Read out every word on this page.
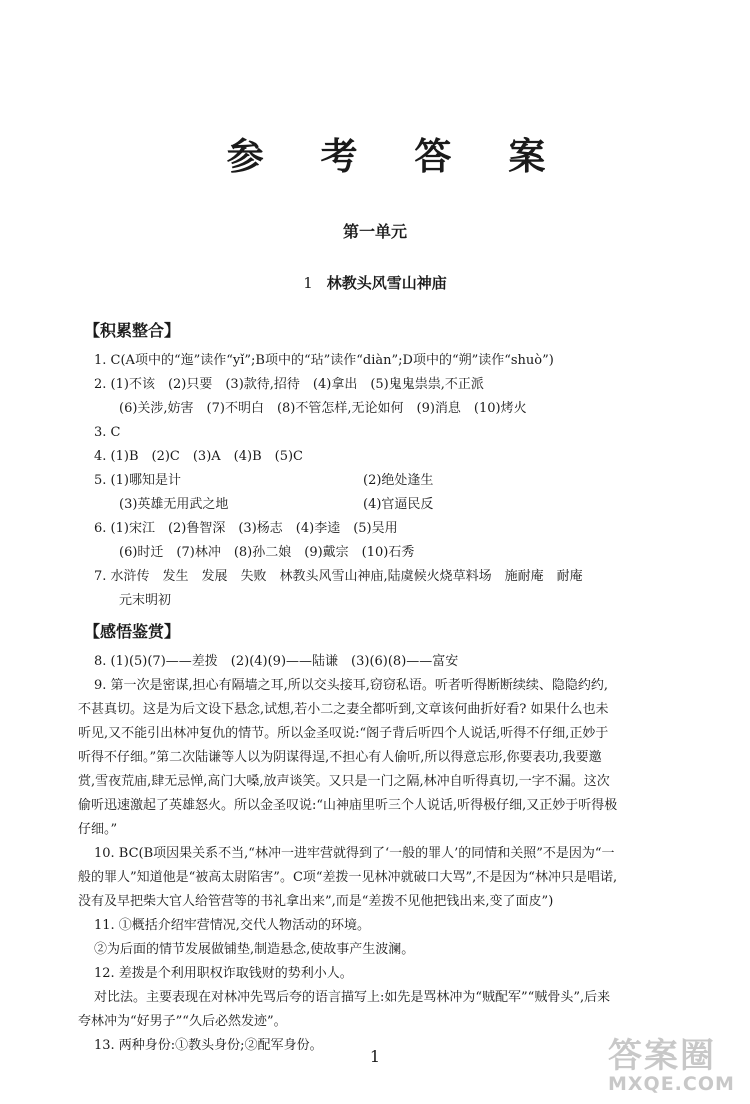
参 考 答 案
第一单元
1 林教头风雪山神庙
【积累整合】
1. C(A项中的“迤”读作“yǐ”;B项中的“玷”读作“diàn”;D项中的“朔”读作“shuò”)
2. (1)不该　(2)只要　(3)款待,招待　(4)拿出　(5)鬼鬼祟祟,不正派
(6)关涉,妨害　(7)不明白　(8)不管怎样,无论如何　(9)消息　(10)烤火
3. C
4. (1)B　(2)C　(3)A　(4)B　(5)C
5. (1)哪知是计	(2)绝处逢生
(3)英雄无用武之地	(4)官逼民反
6. (1)宋江　(2)鲁智深　(3)杨志　(4)李逵　(5)吴用
(6)时迁　(7)林冲　(8)孙二娘　(9)戴宗　(10)石秀
7. 水浒传　发生　发展　失败　林教头风雪山神庙,陆虞候火烧草料场　施耐庵　耐庵
元末明初
【感悟鉴赏】
8. (1)(5)(7)——差拨　(2)(4)(9)——陆谦　(3)(6)(8)——富安
9. 第一次是密谋,担心有隔墙之耳,所以交头接耳,窃窃私语。听者听得断断续续、隐隐约约,
不甚真切。这是为后文设下悬念,试想,若小二之妻全都听到,文章该何曲折好看? 如果什么也未
听见,又不能引出林冲复仇的情节。所以金圣叹说:“阁子背后听四个人说话,听得不仔细,正妙于
听得不仔细。”第二次陆谦等人以为阴谋得逞,不担心有人偷听,所以得意忘形,你要表功,我要邀
赏,雪夜荒庙,肆无忌惮,高门大嗓,放声谈笑。又只是一门之隔,林冲自听得真切,一字不漏。这次
偷听迅速激起了英雄怒火。所以金圣叹说:“山神庙里听三个人说话,听得极仔细,又正妙于听得极
仔细。”
10. BC(B项因果关系不当,“林冲一进牢营就得到了‘一般的罪人’的同情和关照”不是因为“一
般的罪人”知道他是“被高太尉陷害”。C项“差拨一见林冲就破口大骂”,不是因为“林冲只是唱诺,
没有及早把柴大官人给管营等的书礼拿出来”,而是“差拨不见他把钱出来,变了面皮”)
11. ①概括介绍牢营情况,交代人物活动的环境。
②为后面的情节发展做铺垫,制造悬念,使故事产生波澜。
12. 差拨是个利用职权诈取钱财的势利小人。
对比法。主要表现在对林冲先骂后夸的语言描写上:如先是骂林冲为“贼配军”“贼骨头”,后来
夸林冲为“好男子”“久后必然发迹”。
13. 两种身份:①教头身份;②配军身份。
1	答案圈
MXQE.COM
